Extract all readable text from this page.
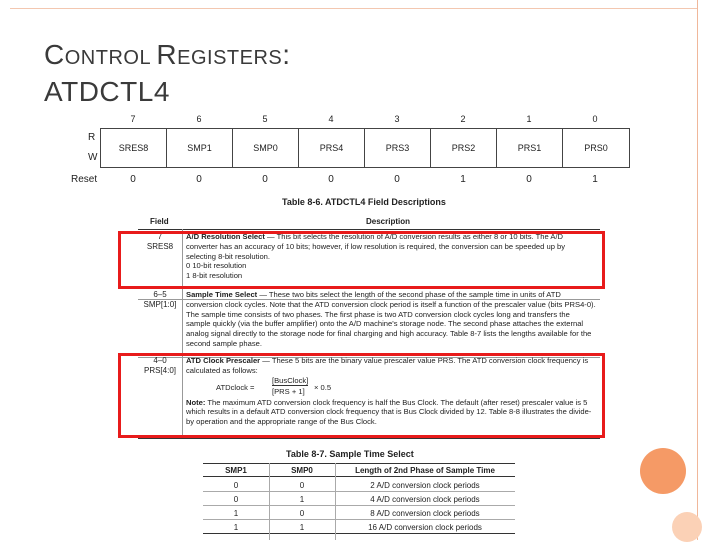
CONTROL REGISTERS:
ATDCTL4
7	6	5	4	3	2	1	0
R
W
SRES8	SMP1	SMP0	PRS4	PRS3	PRS2	PRS1	PRS0
Reset	0	0	0	0	0	1	0	1
Table 8-6. ATDCTL4 Field Descriptions
Field	Description
7
SRES8
A/D Resolution Select — This bit selects the resolution of A/D conversion results as either 8 or 10 bits. The A/D converter has an accuracy of 10 bits; however, if low resolution is required, the conversion can be speeded up by selecting 8-bit resolution.
0 10-bit resolution
1 8-bit resolution
6–5
SMP[1:0]
Sample Time Select — These two bits select the length of the second phase of the sample time in units of ATD conversion clock cycles. Note that the ATD conversion clock period is itself a function of the prescaler value (bits PRS4-0). The sample time consists of two phases. The first phase is two ATD conversion clock cycles long and transfers the sample quickly (via the buffer amplifier) onto the A/D machine's storage node. The second phase attaches the external analog signal directly to the storage node for final charging and high accuracy. Table 8-7 lists the lengths available for the second sample phase.
4–0
PRS[4:0]
ATD Clock Prescaler — These 5 bits are the binary value prescaler value PRS. The ATD conversion clock frequency is calculated as follows:
ATDclock =
[BusClock]
[PRS + 1] × 0.5
Note: The maximum ATD conversion clock frequency is half the Bus Clock. The default (after reset) prescaler value is 5 which results in a default ATD conversion clock frequency that is Bus Clock divided by 12. Table 8-8 illustrates the divide-by operation and the appropriate range of the Bus Clock.
Table 8-7. Sample Time Select
SMP1	SMP0	Length of 2nd Phase of Sample Time
0	0	2 A/D conversion clock periods
0	1	4 A/D conversion clock periods
1	0	8 A/D conversion clock periods
1	1	16 A/D conversion clock periods
